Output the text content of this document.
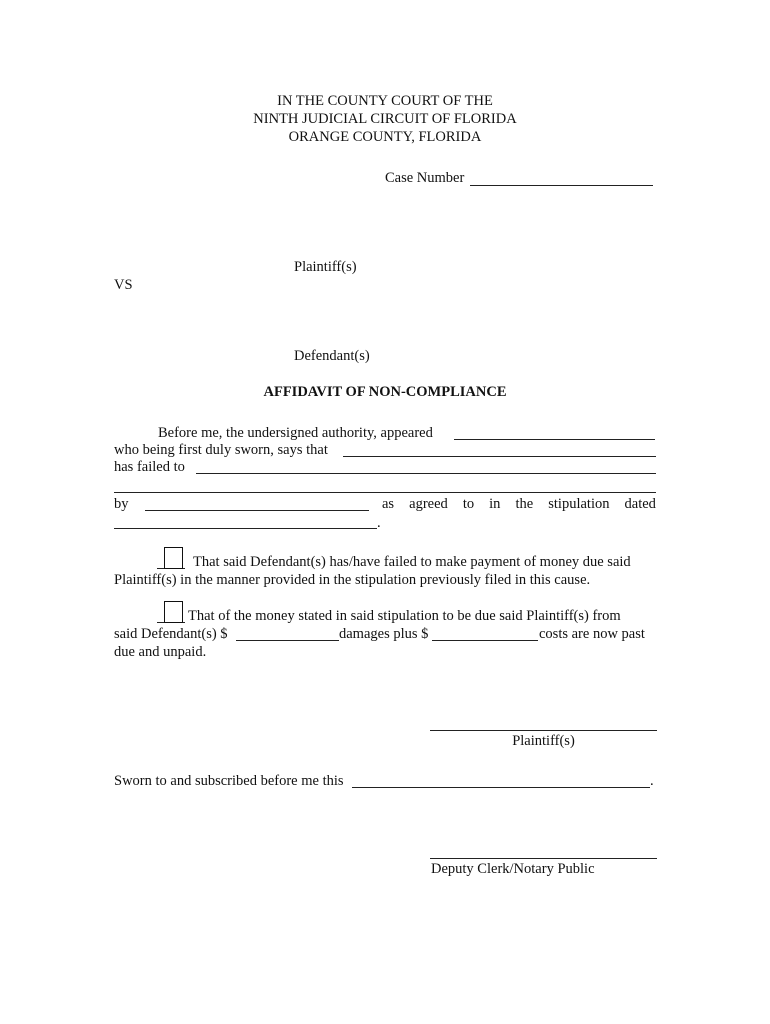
IN THE COUNTY COURT OF THE
NINTH JUDICIAL CIRCUIT OF FLORIDA
ORANGE COUNTY, FLORIDA
Case Number
Plaintiff(s)
VS
Defendant(s)
AFFIDAVIT OF NON-COMPLIANCE
Before me, the undersigned authority, appeared
who being first duly sworn, says that
has failed to
by	as agreed to in the stipulation dated
.
That said Defendant(s) has/have failed to make payment of money due said
Plaintiff(s) in the manner provided in the stipulation previously filed in this cause.
That of the money stated in said stipulation to be due said Plaintiff(s) from
said Defendant(s) $	damages plus $	costs are now past
due and unpaid.
Plaintiff(s)
Sworn to and subscribed before me this	.
Deputy Clerk/Notary Public
